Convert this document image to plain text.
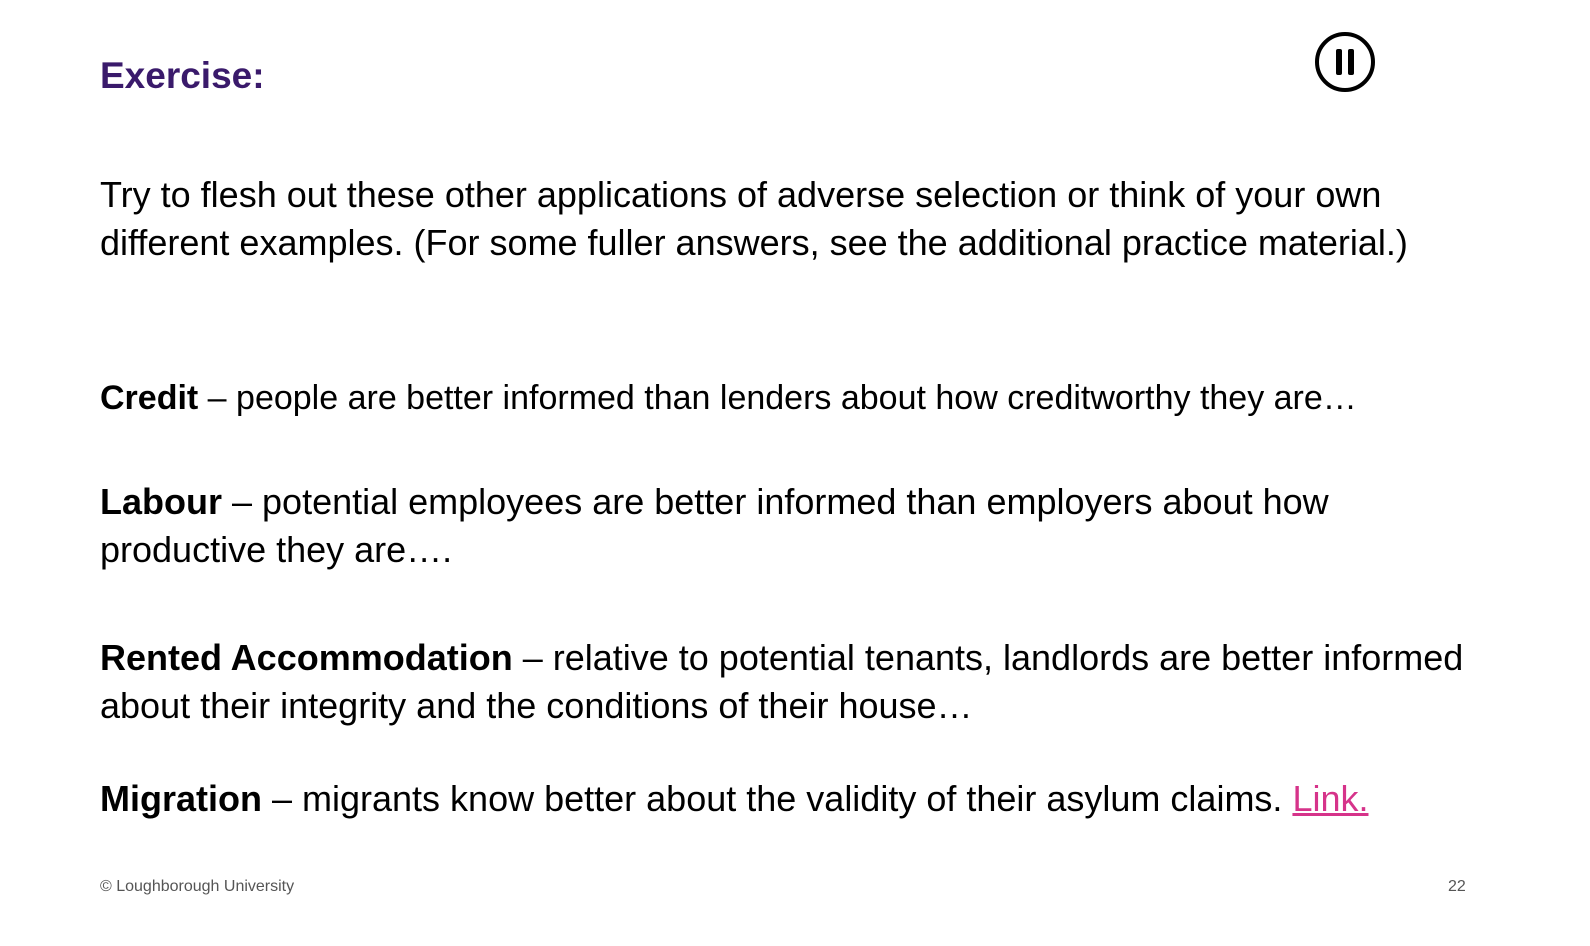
Exercise:

Try to flesh out these other applications of adverse selection or think of your own different examples. (For some fuller answers, see the additional practice material.)

Credit – people are better informed than lenders about how creditworthy they are…

Labour – potential employees are better informed than employers about how productive they are….

Rented Accommodation – relative to potential tenants, landlords are better informed about their integrity and the conditions of their house…

Migration – migrants know better about the validity of their asylum claims. Link.

© Loughborough University	22
